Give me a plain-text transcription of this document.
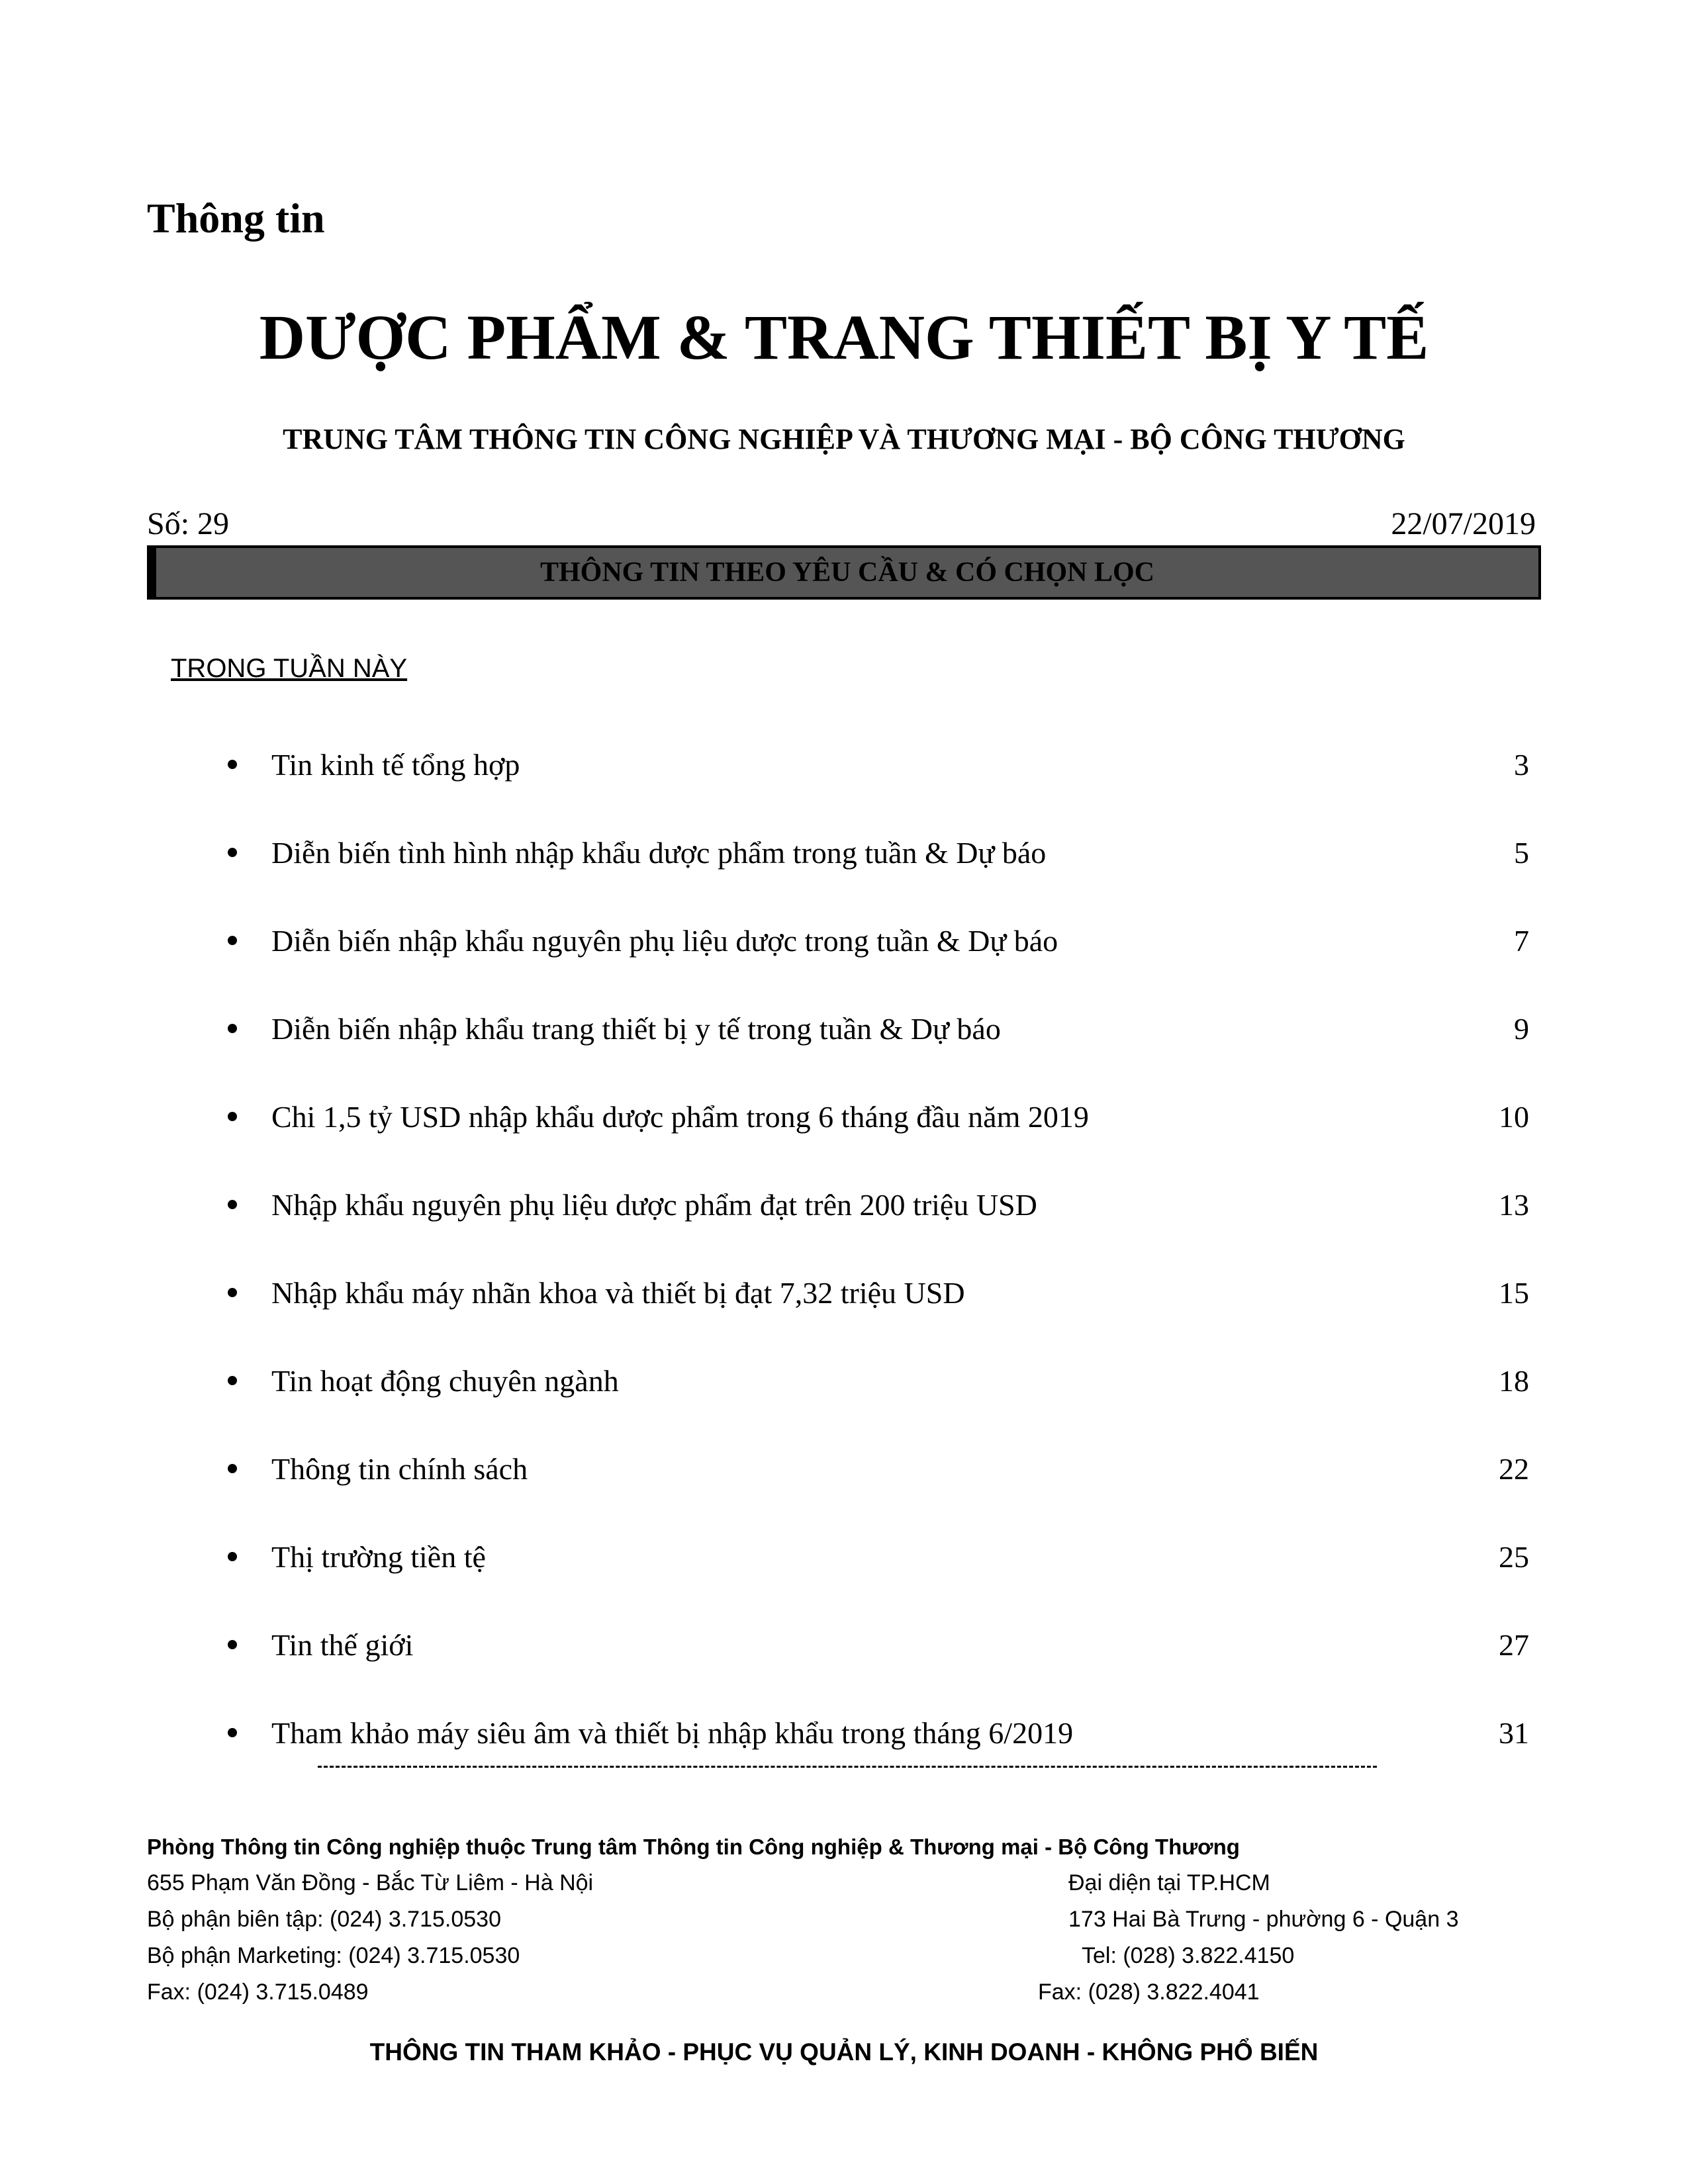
Thông tin
DƯỢC PHẨM & TRANG THIẾT BỊ Y TẾ
TRUNG TÂM THÔNG TIN CÔNG NGHIỆP VÀ THƯƠNG MẠI - BỘ CÔNG THƯƠNG
Số: 29	22/07/2019
THÔNG TIN THEO YÊU CẦU & CÓ CHỌN LỌC
TRONG TUẦN NÀY
Tin kinh tế tổng hợp	3
Diễn biến tình hình nhập khẩu dược phẩm trong tuần & Dự báo	5
Diễn biến nhập khẩu nguyên phụ liệu dược trong tuần & Dự báo	7
Diễn biến nhập khẩu trang thiết bị y tế trong tuần & Dự báo	9
Chi 1,5 tỷ USD nhập khẩu dược phẩm trong 6 tháng đầu năm 2019	10
Nhập khẩu nguyên phụ liệu dược phẩm đạt trên 200 triệu USD	13
Nhập khẩu máy nhãn khoa và thiết bị đạt 7,32 triệu USD	15
Tin hoạt động chuyên ngành	18
Thông tin chính sách	22
Thị trường tiền tệ	25
Tin thế giới	27
Tham khảo máy siêu âm và thiết bị nhập khẩu trong tháng 6/2019	31
Phòng Thông tin Công nghiệp thuộc Trung tâm Thông tin Công nghiệp & Thương mại - Bộ Công Thương
655 Phạm Văn Đồng - Bắc Từ Liêm - Hà Nội
Bộ phận biên tập: (024) 3.715.0530
Bộ phận Marketing: (024) 3.715.0530
Fax: (024) 3.715.0489
Đại diện tại TP.HCM
173 Hai Bà Trưng - phường 6 - Quận 3
Tel: (028) 3.822.4150
Fax: (028) 3.822.4041
THÔNG TIN THAM KHẢO - PHỤC VỤ QUẢN LÝ, KINH DOANH - KHÔNG PHỔ BIẾN
